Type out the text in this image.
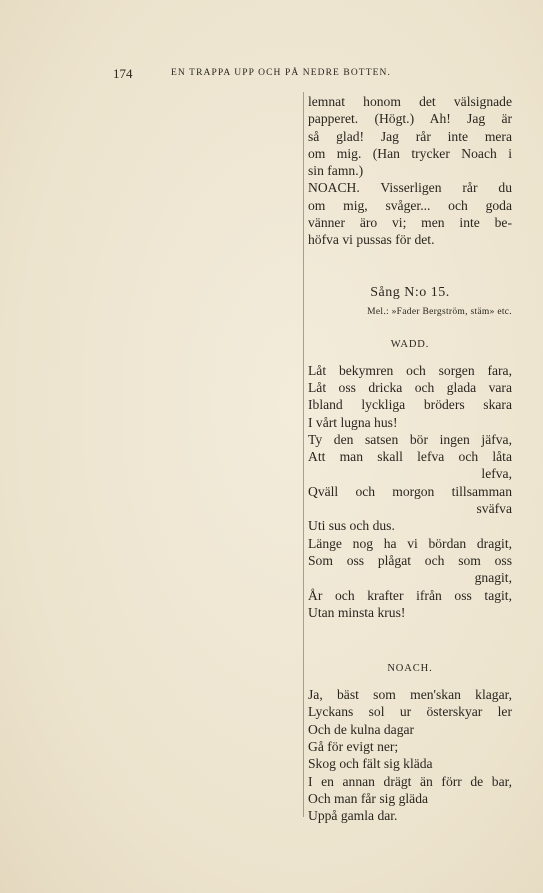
174	EN TRAPPA UPP OCH PÅ NEDRE BOTTEN.
lemnat honom det välsignade
papperet. (Högt.) Ah! Jag är
så glad! Jag rår inte mera
om mig. (Han trycker Noach i
sin famn.)
NOACH. Visserligen rår du
om mig, svåger... och goda
vänner äro vi; men inte be-
höfva vi pussas för det.
Sång N:o 15.
Mel.: »Fader Bergström, stäm» etc.
WADD.
Låt bekymren och sorgen fara,
Låt oss dricka och glada vara
Ibland lyckliga bröders skara
I vårt lugna hus!
Ty den satsen bör ingen jäfva,
Att man skall lefva och låta
lefva,
Qväll och morgon tillsamman
sväfva
Uti sus och dus.
Länge nog ha vi bördan dragit,
Som oss plågat och som oss
gnagit,
År och krafter ifrån oss tagit,
Utan minsta krus!
NOACH.
Ja, bäst som men'skan klagar,
Lyckans sol ur österskyar ler
Och de kulna dagar
Gå för evigt ner;
Skog och fält sig kläda
I en annan drägt än förr de bar,
Och man får sig gläda
Uppå gamla dar.
